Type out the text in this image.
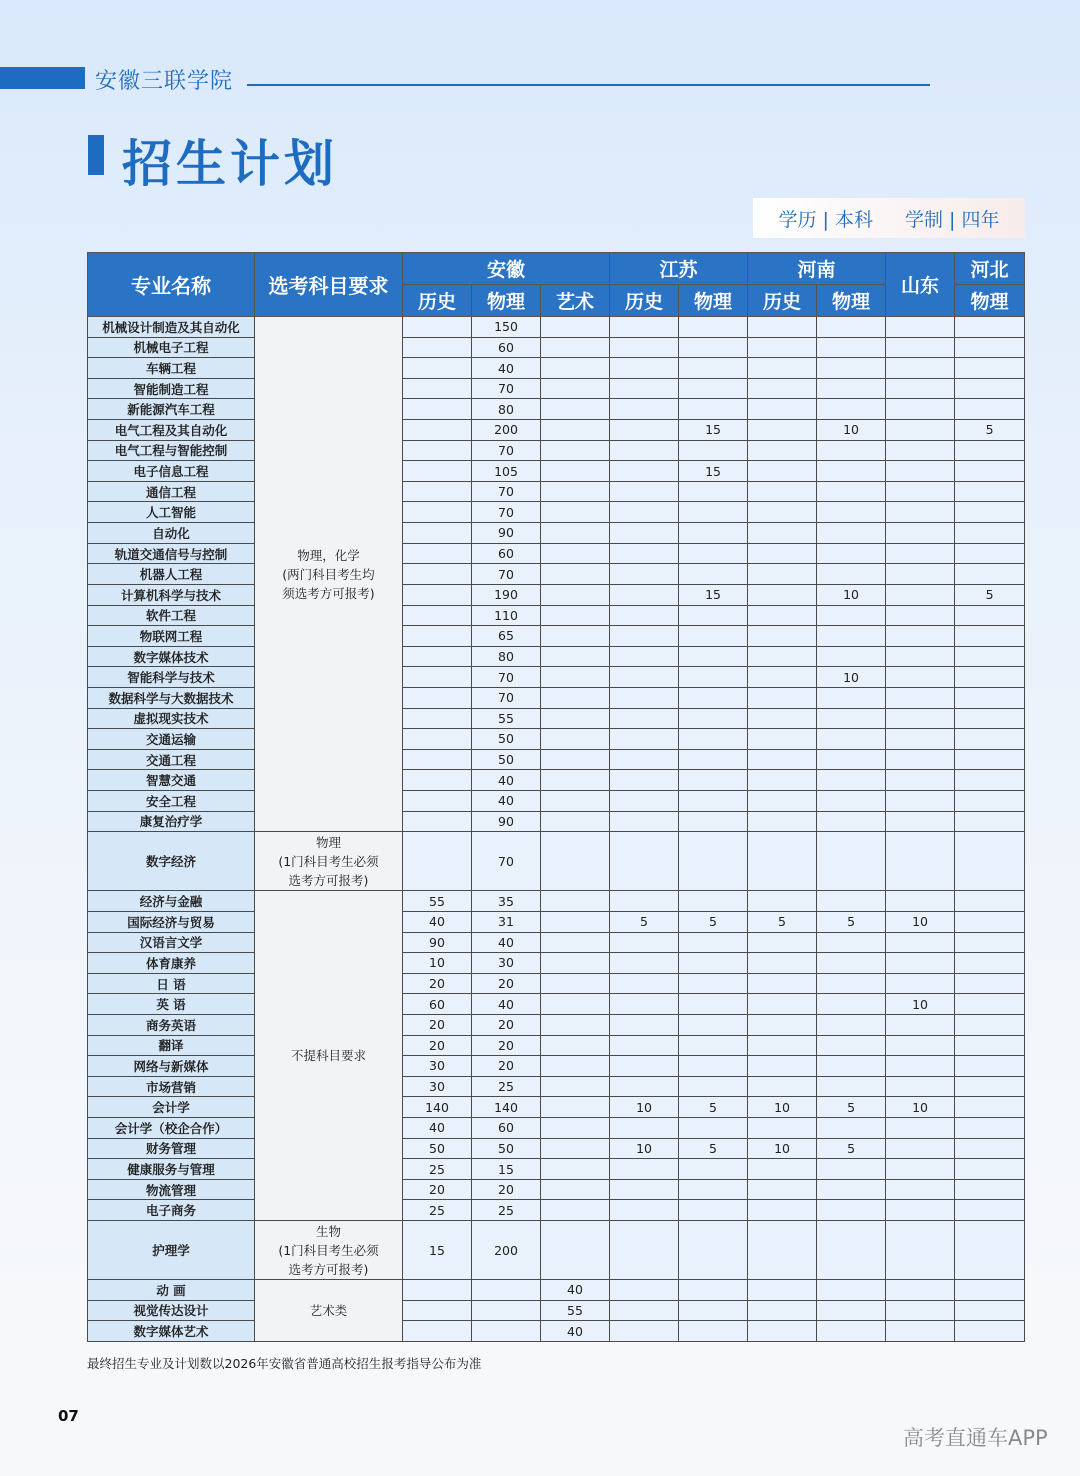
安徽三联学院
招生计划
学历 | 本科 学制 | 四年
专业名称	选考科目要求	安徽			江苏		河南		山东	河北
		历史	物理	艺术	历史	物理	历史	物理		物理
机械设计制造及其自动化	物理，化学
(两门科目考生均
须选考方可报考)		150							
机械电子工程			60							
车辆工程			40							
智能制造工程			70							
新能源汽车工程			80							
电气工程及其自动化			200			15		10		5
电气工程与智能控制			70							
电子信息工程			105			15				
通信工程			70							
人工智能			70							
自动化			90							
轨道交通信号与控制			60							
机器人工程			70							
计算机科学与技术			190			15		10		5
软件工程			110							
物联网工程			65							
数字媒体技术			80							
智能科学与技术			70					10		
数据科学与大数据技术			70							
虚拟现实技术			55							
交通运输			50							
交通工程			50							
智慧交通			40							
安全工程			40							
康复治疗学			90							
数字经济	物理
(1门科目考生必须
选考方可报考)		70							
经济与金融	不提科目要求	55	35							
国际经济与贸易		40	31		5	5	5	5	10	
汉语言文学		90	40							
体育康养		10	30							
日 语		20	20							
英 语		60	40						10	
商务英语		20	20							
翻译		20	20							
网络与新媒体		30	20							
市场营销		30	25							
会计学		140	140		10	5	10	5	10	
会计学（校企合作）		40	60							
财务管理		50	50		10	5	10	5		
健康服务与管理		25	15							
物流管理		20	20							
电子商务		25	25							
护理学	生物
(1门科目考生必须
选考方可报考)	15	200							
动 画	艺术类			40						
视觉传达设计				55						
数字媒体艺术				40						
最终招生专业及计划数以2026年安徽省普通高校招生报考指导公布为准
07
高考直通车APP
